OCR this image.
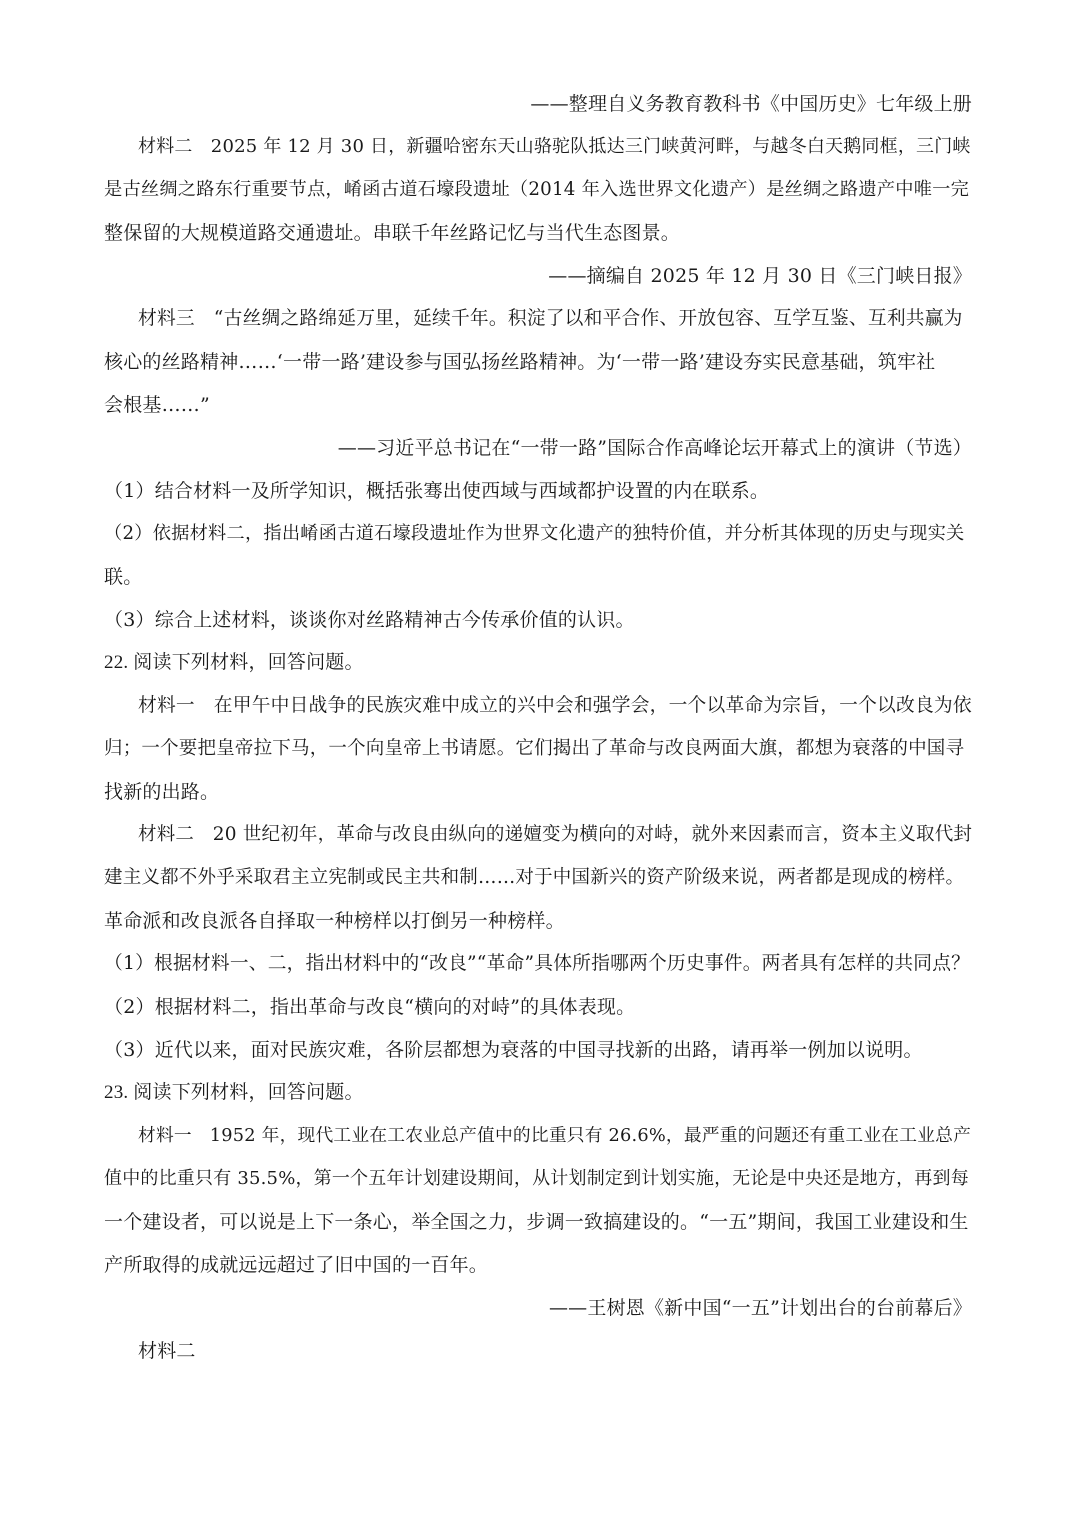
——整理自义务教育教科书《中国历史》七年级上册
材料二　2025 年 12 月 30 日，新疆哈密东天山骆驼队抵达三门峡黄河畔，与越冬白天鹅同框，三门峡
是古丝绸之路东行重要节点，崤函古道石壕段遗址（2014 年入选世界文化遗产）是丝绸之路遗产中唯一完
整保留的大规模道路交通遗址。串联千年丝路记忆与当代生态图景。
——摘编自 2025 年 12 月 30 日《三门峡日报》
材料三　“古丝绸之路绵延万里，延续千年。积淀了以和平合作、开放包容、互学互鉴、互利共赢为
核心的丝路精神……‘一带一路’建设参与国弘扬丝路精神。为‘一带一路’建设夯实民意基础，筑牢社
会根基……”
——习近平总书记在“一带一路”国际合作高峰论坛开幕式上的演讲（节选）
（1）结合材料一及所学知识，概括张骞出使西域与西域都护设置的内在联系。
（2）依据材料二，指出崤函古道石壕段遗址作为世界文化遗产的独特价值，并分析其体现的历史与现实关
联。
（3）综合上述材料，谈谈你对丝路精神古今传承价值的认识。
22. 阅读下列材料，回答问题。
材料一　在甲午中日战争的民族灾难中成立的兴中会和强学会，一个以革命为宗旨，一个以改良为依
归；一个要把皇帝拉下马，一个向皇帝上书请愿。它们揭出了革命与改良两面大旗，都想为衰落的中国寻
找新的出路。
材料二　20 世纪初年，革命与改良由纵向的递嬗变为横向的对峙，就外来因素而言，资本主义取代封
建主义都不外乎采取君主立宪制或民主共和制……对于中国新兴的资产阶级来说，两者都是现成的榜样。
革命派和改良派各自择取一种榜样以打倒另一种榜样。
（1）根据材料一、二，指出材料中的“改良”“革命”具体所指哪两个历史事件。两者具有怎样的共同点？
（2）根据材料二，指出革命与改良“横向的对峙”的具体表现。
（3）近代以来，面对民族灾难，各阶层都想为衰落的中国寻找新的出路，请再举一例加以说明。
23. 阅读下列材料，回答问题。
材料一　1952 年，现代工业在工农业总产值中的比重只有 26.6%，最严重的问题还有重工业在工业总产
值中的比重只有 35.5%，第一个五年计划建设期间，从计划制定到计划实施，无论是中央还是地方，再到每
一个建设者，可以说是上下一条心，举全国之力，步调一致搞建设的。“一五”期间，我国工业建设和生
产所取得的成就远远超过了旧中国的一百年。
——王树恩《新中国“一五”计划出台的台前幕后》
材料二
